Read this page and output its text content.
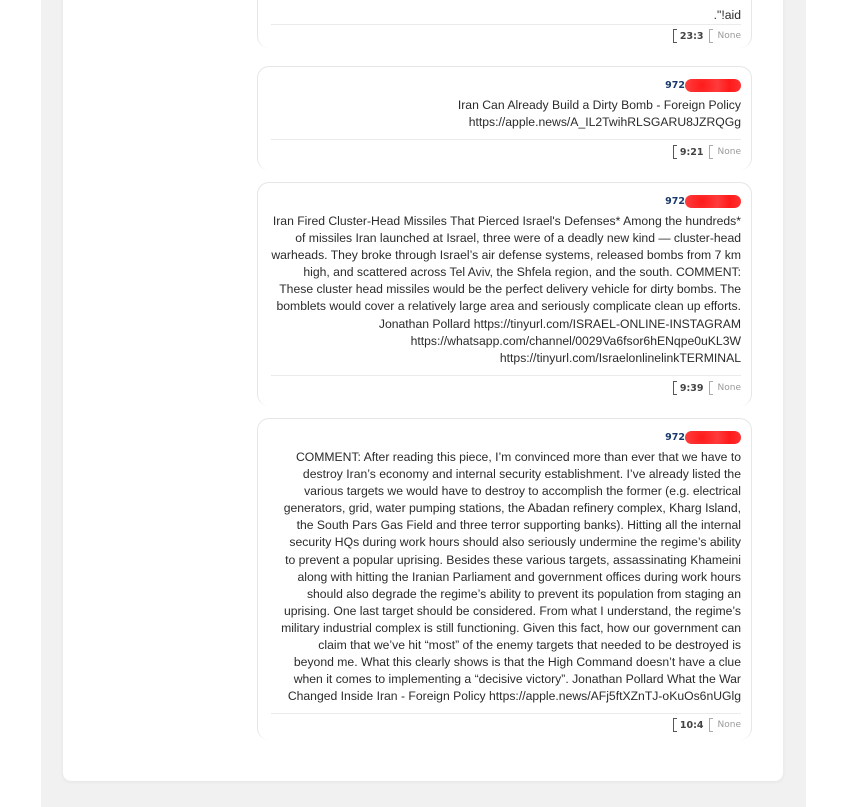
."!aid
23:3 None
972
Iran Can Already Build a Dirty Bomb - Foreign Policy
https://apple.news/A_IL2TwihRLSGARU8JZRQGg
9:21 None
972
Iran Fired Cluster-Head Missiles That Pierced Israel's Defenses* Among the hundreds*
of missiles Iran launched at Israel, three were of a deadly new kind — cluster-head
warheads. They broke through Israel’s air defense systems, released bombs from 7 km
high, and scattered across Tel Aviv, the Shfela region, and the south. COMMENT:
These cluster head missiles would be the perfect delivery vehicle for dirty bombs. The
bomblets would cover a relatively large area and seriously complicate clean up efforts.
Jonathan Pollard https://tinyurl.com/ISRAEL-ONLINE-INSTAGRAM
https://whatsapp.com/channel/0029Va6fsor6hENqpe0uKL3W
https://tinyurl.com/IsraelonlinelinkTERMINAL
9:39 None
972
COMMENT: After reading this piece, I’m convinced more than ever that we have to
destroy Iran’s economy and internal security establishment. I’ve already listed the
various targets we would have to destroy to accomplish the former (e.g. electrical
generators, grid, water pumping stations, the Abadan refinery complex, Kharg Island,
the South Pars Gas Field and three terror supporting banks). Hitting all the internal
security HQs during work hours should also seriously undermine the regime’s ability
to prevent a popular uprising. Besides these various targets, assassinating Khameini
along with hitting the Iranian Parliament and government offices during work hours
should also degrade the regime’s ability to prevent its population from staging an
uprising. One last target should be considered. From what I understand, the regime’s
military industrial complex is still functioning. Given this fact, how our government can
claim that we’ve hit “most” of the enemy targets that needed to be destroyed is
beyond me. What this clearly shows is that the High Command doesn’t have a clue
when it comes to implementing a “decisive victory”. Jonathan Pollard What the War
Changed Inside Iran - Foreign Policy https://apple.news/AFj5ftXZnTJ-oKuOs6nUGlg
10:4 None
